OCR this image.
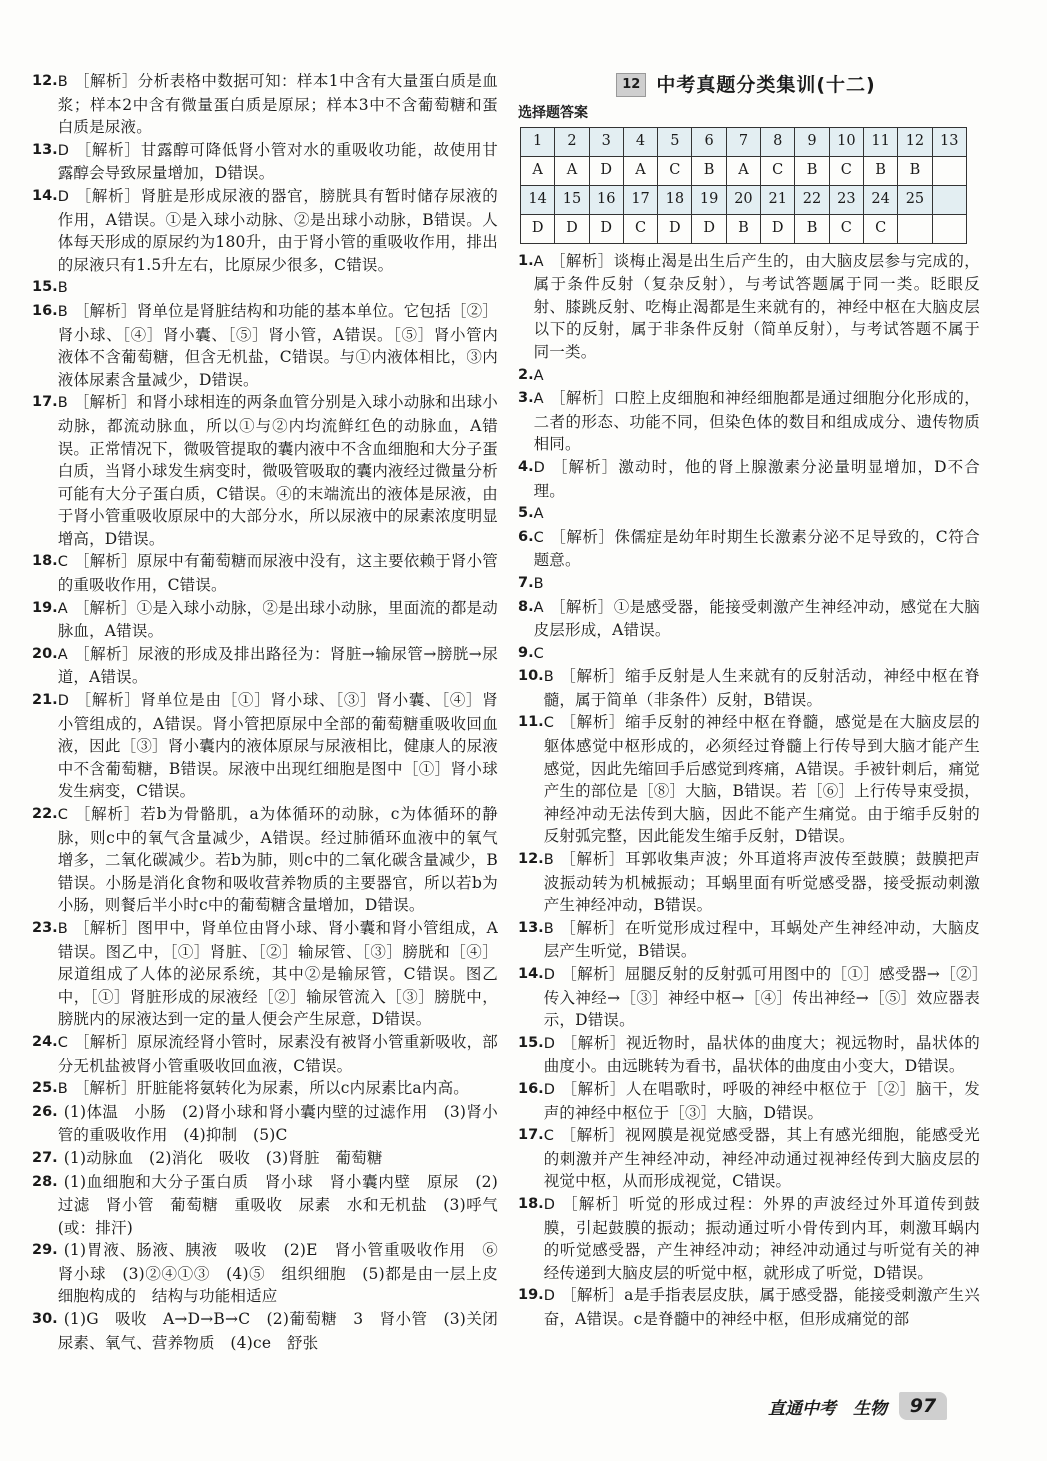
12. B ［解析］分析表格中数据可知：样本1中含有大量蛋白质是血浆；样本2中含有微量蛋白质是原尿；样本3中不含葡萄糖和蛋白质是尿液。
13. D ［解析］甘露醇可降低肾小管对水的重吸收功能，故使用甘露醇会导致尿量增加，D错误。
14. D ［解析］肾脏是形成尿液的器官，膀胱具有暂时储存尿液的作用，A错误。①是入球小动脉、②是出球小动脉，B错误。人体每天形成的原尿约为180升，由于肾小管的重吸收作用，排出的尿液只有1.5升左右，比原尿少很多，C错误。
15. B
16. B ［解析］肾单位是肾脏结构和功能的基本单位。它包括［②］肾小球、［④］肾小囊、［⑤］肾小管，A错误。［⑤］肾小管内液体不含葡萄糖，但含无机盐，C错误。与①内液体相比，③内液体尿素含量减少，D错误。
17. B ［解析］和肾小球相连的两条血管分别是入球小动脉和出球小动脉，都流动脉血，所以①与②内均流鲜红色的动脉血，A错误。正常情况下，微吸管提取的囊内液中不含血细胞和大分子蛋白质，当肾小球发生病变时，微吸管吸取的囊内液经过微量分析可能有大分子蛋白质，C错误。④的末端流出的液体是尿液，由于肾小管重吸收原尿中的大部分水，所以尿液中的尿素浓度明显增高，D错误。
18. C ［解析］原尿中有葡萄糖而尿液中没有，这主要依赖于肾小管的重吸收作用，C错误。
19. A ［解析］①是入球小动脉，②是出球小动脉，里面流的都是动脉血，A错误。
20. A ［解析］尿液的形成及排出路径为：肾脏→输尿管→膀胱→尿道，A错误。
21. D ［解析］肾单位是由［①］肾小球、［③］肾小囊、［④］肾小管组成的，A错误。肾小管把原尿中全部的葡萄糖重吸收回血液，因此［③］肾小囊内的液体原尿与尿液相比，健康人的尿液中不含葡萄糖，B错误。尿液中出现红细胞是图中［①］肾小球发生病变，C错误。
22. C ［解析］若b为骨骼肌，a为体循环的动脉，c为体循环的静脉，则c中的氧气含量减少，A错误。经过肺循环血液中的氧气增多，二氧化碳减少。若b为肺，则c中的二氧化碳含量减少，B错误。小肠是消化食物和吸收营养物质的主要器官，所以若b为小肠，则餐后半小时c中的葡萄糖含量增加，D错误。
23. B ［解析］图甲中，肾单位由肾小球、肾小囊和肾小管组成，A错误。图乙中，［①］肾脏、［②］输尿管、［③］膀胱和［④］尿道组成了人体的泌尿系统，其中②是输尿管，C错误。图乙中，［①］肾脏形成的尿液经［②］输尿管流入［③］膀胱中，膀胱内的尿液达到一定的量人便会产生尿意，D错误。
24. C ［解析］原尿流经肾小管时，尿素没有被肾小管重新吸收，部分无机盐被肾小管重吸收回血液，C错误。
25. B ［解析］肝脏能将氨转化为尿素，所以c内尿素比a内高。
26. (1)体温　小肠　(2)肾小球和肾小囊内壁的过滤作用　(3)肾小管的重吸收作用　(4)抑制　(5)C
27. (1)动脉血　(2)消化　吸收　(3)肾脏　葡萄糖
28. (1)血细胞和大分子蛋白质　肾小球　肾小囊内壁　原尿　(2)过滤　肾小管　葡萄糖　重吸收　尿素　水和无机盐　(3)呼气(或：排汗)
29. (1)胃液、肠液、胰液　吸收　(2)E　肾小管重吸收作用　⑥　肾小球　(3)②④①③　(4)⑤　组织细胞　(5)都是由一层上皮细胞构成的　结构与功能相适应
30. (1)G　吸收　A→D→B→C　(2)葡萄糖　3　肾小管　(3)关闭　尿素、氧气、营养物质　(4)ce　舒张
12 中考真题分类集训(十二)
选择题答案
1	2	3	4	5	6	7	8	9	10	11	12	13
A	A	D	A	C	B	A	C	B	C	B	B	
14	15	16	17	18	19	20	21	22	23	24	25	
D	D	D	C	D	D	B	D	B	C	C		
1. A ［解析］谈梅止渴是出生后产生的，由大脑皮层参与完成的，属于条件反射（复杂反射），与考试答题属于同一类。眨眼反射、膝跳反射、吃梅止渴都是生来就有的，神经中枢在大脑皮层以下的反射，属于非条件反射（简单反射），与考试答题不属于同一类。
2. A
3. A ［解析］口腔上皮细胞和神经细胞都是通过细胞分化形成的，二者的形态、功能不同，但染色体的数目和组成成分、遗传物质相同。
4. D ［解析］激动时，他的肾上腺激素分泌量明显增加，D不合理。
5. A
6. C ［解析］侏儒症是幼年时期生长激素分泌不足导致的，C符合题意。
7. B
8. A ［解析］①是感受器，能接受刺激产生神经冲动，感觉在大脑皮层形成，A错误。
9. C
10. B ［解析］缩手反射是人生来就有的反射活动，神经中枢在脊髓，属于简单（非条件）反射，B错误。
11. C ［解析］缩手反射的神经中枢在脊髓，感觉是在大脑皮层的躯体感觉中枢形成的，必须经过脊髓上行传导到大脑才能产生感觉，因此先缩回手后感觉到疼痛，A错误。手被针刺后，痛觉产生的部位是［⑧］大脑，B错误。若［⑥］上行传导束受损，神经冲动无法传到大脑，因此不能产生痛觉。由于缩手反射的反射弧完整，因此能发生缩手反射，D错误。
12. B ［解析］耳郭收集声波；外耳道将声波传至鼓膜；鼓膜把声波振动转为机械振动；耳蜗里面有听觉感受器，接受振动刺激产生神经冲动，B错误。
13. B ［解析］在听觉形成过程中，耳蜗处产生神经冲动，大脑皮层产生听觉，B错误。
14. D ［解析］屈腿反射的反射弧可用图中的［①］感受器→［②］传入神经→［③］神经中枢→［④］传出神经→［⑤］效应器表示，D错误。
15. D ［解析］视近物时，晶状体的曲度大；视远物时，晶状体的曲度小。由远眺转为看书，晶状体的曲度由小变大，D错误。
16. D ［解析］人在唱歌时，呼吸的神经中枢位于［②］脑干，发声的神经中枢位于［③］大脑，D错误。
17. C ［解析］视网膜是视觉感受器，其上有感光细胞，能感受光的刺激并产生神经冲动，神经冲动通过视神经传到大脑皮层的视觉中枢，从而形成视觉，C错误。
18. D ［解析］听觉的形成过程：外界的声波经过外耳道传到鼓膜，引起鼓膜的振动；振动通过听小骨传到内耳，刺激耳蜗内的听觉感受器，产生神经冲动；神经冲动通过与听觉有关的神经传递到大脑皮层的听觉中枢，就形成了听觉，D错误。
19. D ［解析］a是手指表层皮肤，属于感受器，能接受刺激产生兴奋，A错误。c是脊髓中的神经中枢，但形成痛觉的部
直通中考　生物	97
